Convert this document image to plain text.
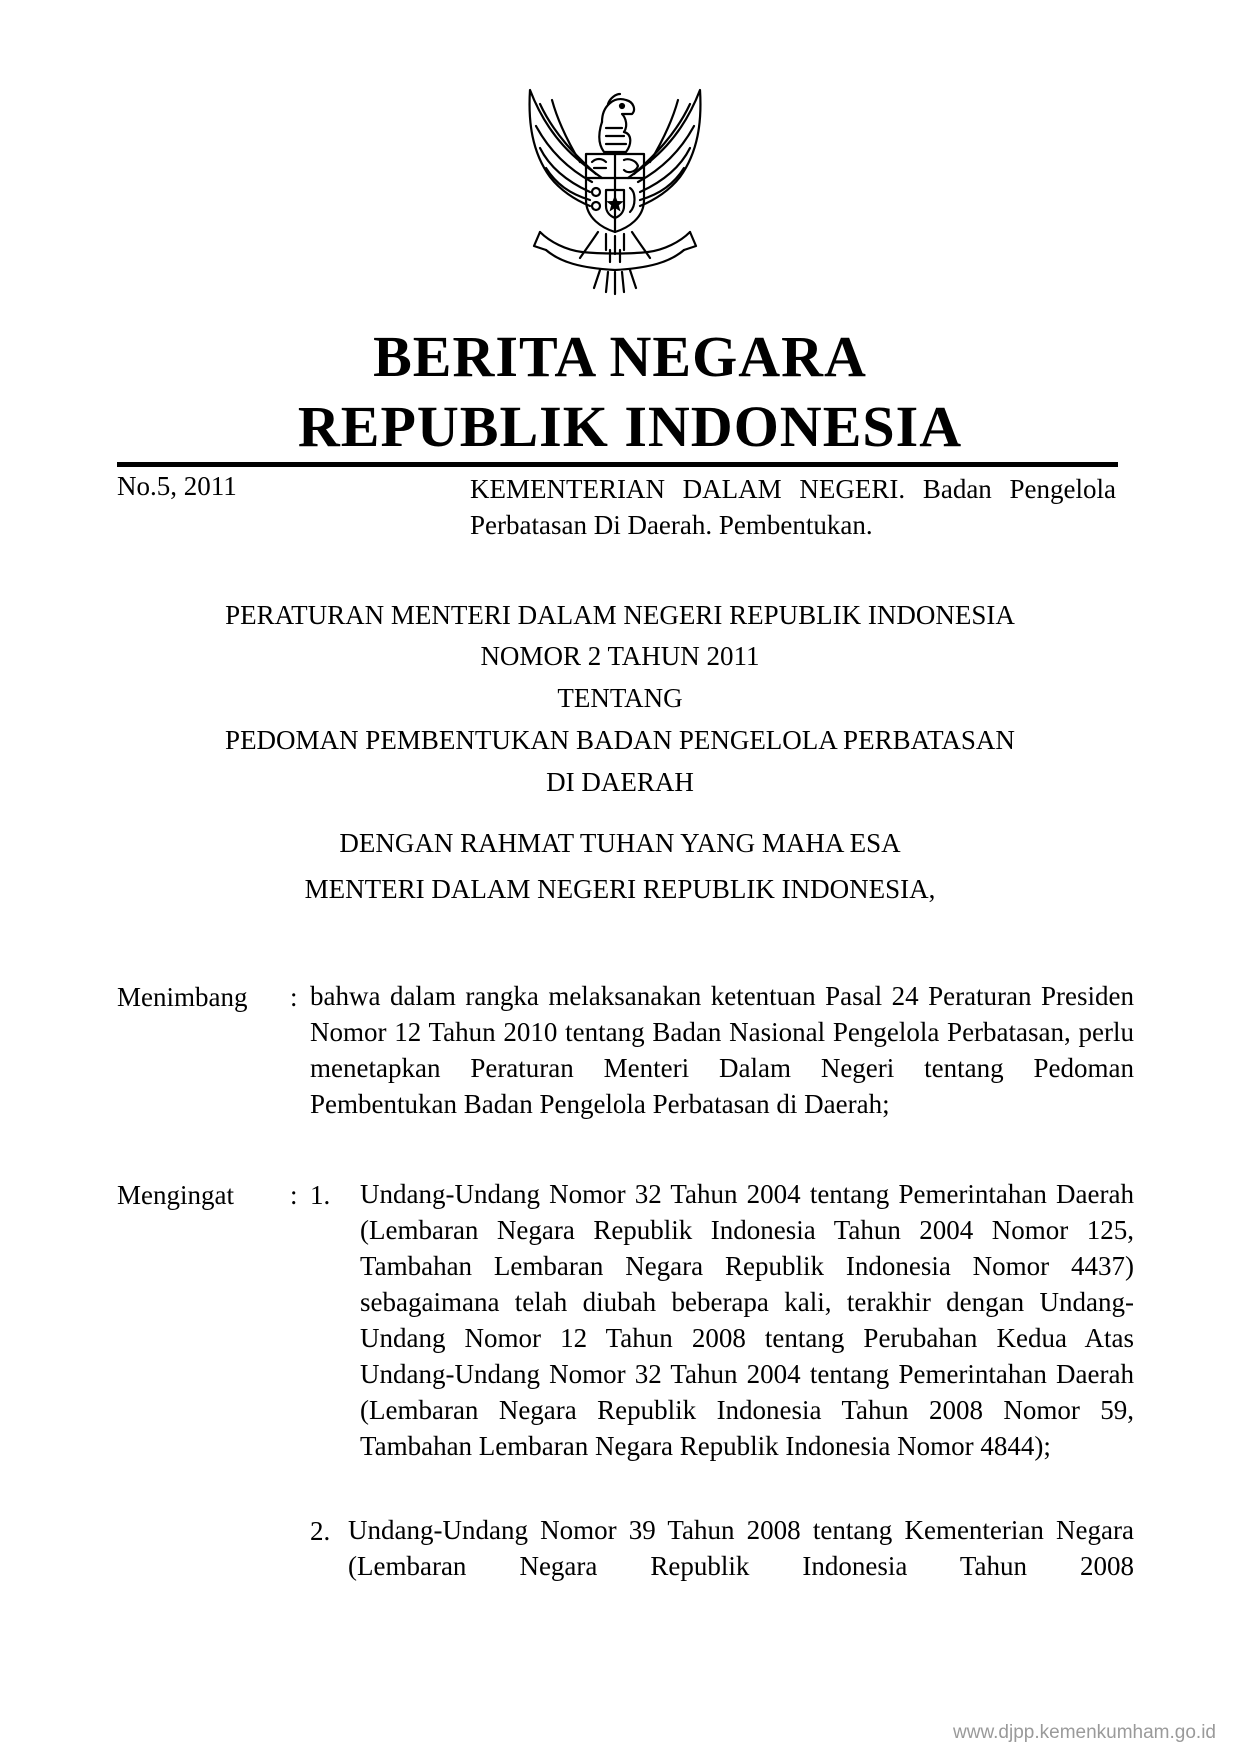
BERITA NEGARA
REPUBLIK INDONESIA
No.5, 2011	KEMENTERIAN DALAM NEGERI. Badan Pengelola Perbatasan Di Daerah. Pembentukan.
PERATURAN MENTERI DALAM NEGERI REPUBLIK INDONESIA
NOMOR 2 TAHUN 2011
TENTANG
PEDOMAN PEMBENTUKAN BADAN PENGELOLA PERBATASAN
DI DAERAH
DENGAN RAHMAT TUHAN YANG MAHA ESA
MENTERI DALAM NEGERI REPUBLIK INDONESIA,
Menimbang : bahwa dalam rangka melaksanakan ketentuan Pasal 24 Peraturan Presiden Nomor 12 Tahun 2010 tentang Badan Nasional Pengelola Perbatasan, perlu menetapkan Peraturan Menteri Dalam Negeri tentang Pedoman Pembentukan Badan Pengelola Perbatasan di Daerah;
Mengingat : 1. Undang-Undang Nomor 32 Tahun 2004 tentang Pemerintahan Daerah (Lembaran Negara Republik Indonesia Tahun 2004 Nomor 125, Tambahan Lembaran Negara Republik Indonesia Nomor 4437) sebagaimana telah diubah beberapa kali, terakhir dengan Undang-Undang Nomor 12 Tahun 2008 tentang Perubahan Kedua Atas Undang-Undang Nomor 32 Tahun 2004 tentang Pemerintahan Daerah (Lembaran Negara Republik Indonesia Tahun 2008 Nomor 59, Tambahan Lembaran Negara Republik Indonesia Nomor 4844);
2. Undang-Undang Nomor 39 Tahun 2008 tentang Kementerian Negara (Lembaran Negara Republik Indonesia Tahun 2008
www.djpp.kemenkumham.go.id
